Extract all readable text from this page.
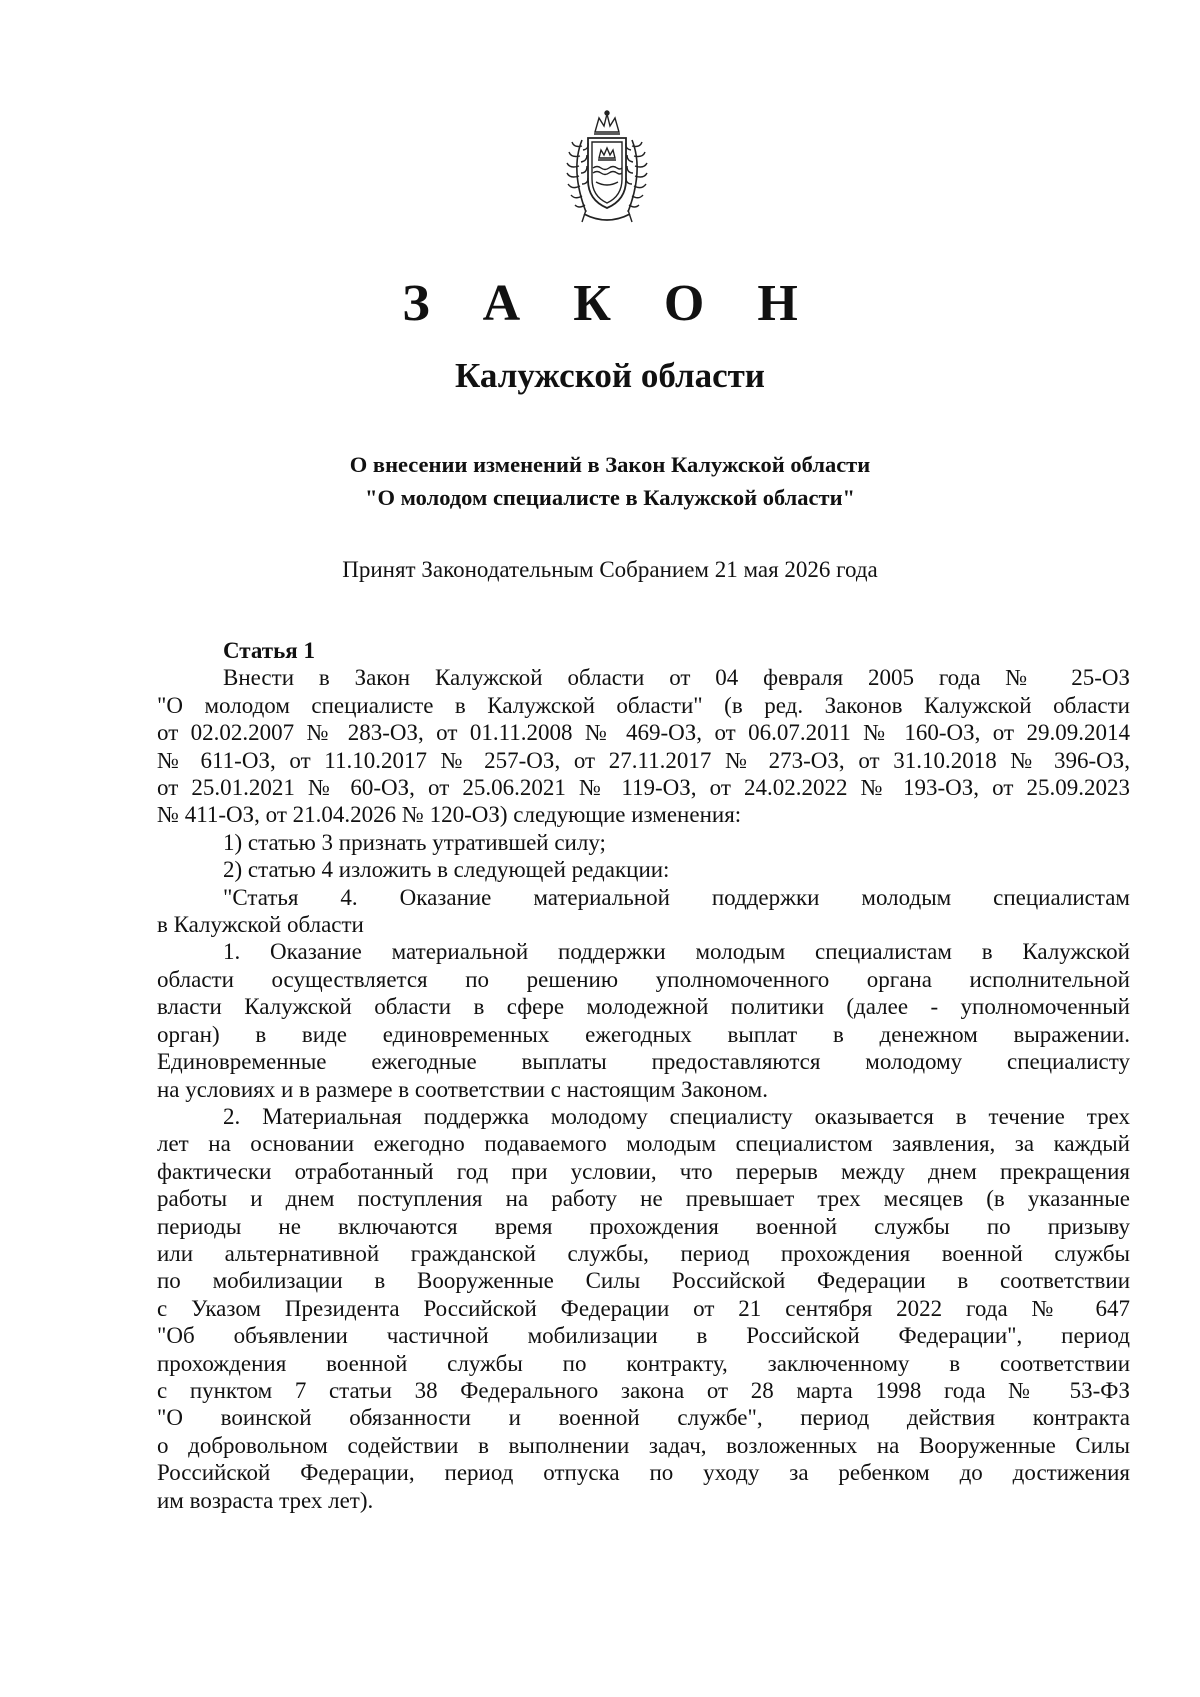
З А К О Н
Калужской области
О внесении изменений в Закон Калужской области
"О молодом специалисте в Калужской области"
Принят Законодательным Собранием 21 мая 2026 года
Статья 1

Внести в Закон Калужской области от 04 февраля 2005 года № 25-ОЗ

"О молодом специалисте в Калужской области" (в ред. Законов Калужской области

от 02.02.2007 № 283-ОЗ, от 01.11.2008 № 469-ОЗ, от 06.07.2011 № 160-ОЗ, от 29.09.2014

№ 611-ОЗ, от 11.10.2017 № 257-ОЗ, от 27.11.2017 № 273-ОЗ, от 31.10.2018 № 396-ОЗ,

от 25.01.2021 № 60-ОЗ, от 25.06.2021 № 119-ОЗ, от 24.02.2022 № 193-ОЗ, от 25.09.2023

№ 411-ОЗ, от 21.04.2026 № 120-ОЗ) следующие изменения:

1) статью 3 признать утратившей силу;

2) статью 4 изложить в следующей редакции:

"Статья 4. Оказание материальной поддержки молодым специалистам

в Калужской области

1. Оказание материальной поддержки молодым специалистам в Калужской

области осуществляется по решению уполномоченного органа исполнительной

власти Калужской области в сфере молодежной политики (далее - уполномоченный

орган) в виде единовременных ежегодных выплат в денежном выражении.

Единовременные ежегодные выплаты предоставляются молодому специалисту

на условиях и в размере в соответствии с настоящим Законом.

2. Материальная поддержка молодому специалисту оказывается в течение трех

лет на основании ежегодно подаваемого молодым специалистом заявления, за каждый

фактически отработанный год при условии, что перерыв между днем прекращения

работы и днем поступления на работу не превышает трех месяцев (в указанные

периоды не включаются время прохождения военной службы по призыву

или альтернативной гражданской службы, период прохождения военной службы

по мобилизации в Вооруженные Силы Российской Федерации в соответствии

с Указом Президента Российской Федерации от 21 сентября 2022 года № 647

"Об объявлении частичной мобилизации в Российской Федерации", период

прохождения военной службы по контракту, заключенному в соответствии

с пунктом 7 статьи 38 Федерального закона от 28 марта 1998 года № 53-ФЗ

"О воинской обязанности и военной службе", период действия контракта

о добровольном содействии в выполнении задач, возложенных на Вооруженные Силы

Российской Федерации, период отпуска по уходу за ребенком до достижения

им возраста трех лет).
